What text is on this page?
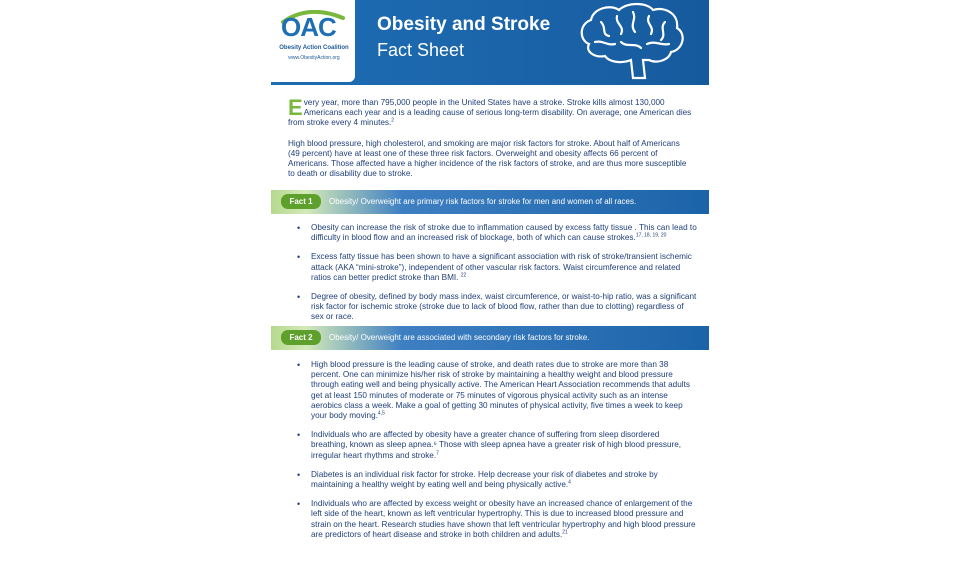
OAC
Obesity Action Coalition
www.ObesityAction.org
Obesity and Stroke
Fact Sheet

Every year, more than 795,000 people in the United States have a stroke. Stroke kills almost 130,000 Americans each year and is a leading cause of serious long-term disability. On average, one American dies from stroke every 4 minutes.$^2$

High blood pressure, high cholesterol, and smoking are major risk factors for stroke. About half of Americans (49 percent) have at least one of these three risk factors. Overweight and obesity affects 66 percent of Americans. Those affected have a higher incidence of the risk factors of stroke, and are thus more susceptible to death or disability due to stroke.

Fact 1	Obesity/ Overweight are primary risk factors for stroke for men and women of all races.
• Obesity can increase the risk of stroke due to inflammation caused by excess fatty tissue . This can lead to difficulty in blood flow and an increased risk of blockage, both of which can cause strokes.$^{17, 18, 19, 20}$
• Excess fatty tissue has been shown to have a significant association with risk of stroke/transient ischemic attack (AKA “mini-stroke”), independent of other vascular risk factors. Waist circumference and related ratios can better predict stroke than BMI. $^{22}$
• Degree of obesity, defined by body mass index, waist circumference, or waist-to-hip ratio, was a significant risk factor for ischemic stroke (stroke due to lack of blood flow, rather than due to clotting) regardless of sex or race.
Fact 2	Obesity/ Overweight are associated with secondary risk factors for stroke.
• High blood pressure is the leading cause of stroke, and death rates due to stroke are more than 38 percent. One can minimize his/her risk of stroke by maintaining a healthy weight and blood pressure through eating well and being physically active. The American Heart Association recommends that adults get at least 150 minutes of moderate or 75 minutes of vigorous physical activity such as an intense aerobics class a week. Make a goal of getting 30 minutes of physical activity, five times a week to keep your body moving.$^{4,5}$
• Individuals who are affected by obesity have a greater chance of suffering from sleep disordered breathing, known as sleep apnea.⁶ Those with sleep apnea have a greater risk of high blood pressure, irregular heart rhythms and stroke.$^7$
• Diabetes is an individual risk factor for stroke. Help decrease your risk of diabetes and stroke by maintaining a healthy weight by eating well and being physically active.$^4$
• Individuals who are affected by excess weight or obesity have an increased chance of enlargement of the left side of the heart, known as left ventricular hypertrophy. This is due to increased blood pressure and strain on the heart. Research studies have shown that left ventricular hypertrophy and high blood pressure are predictors of heart disease and stroke in both children and adults.$^{21}$
